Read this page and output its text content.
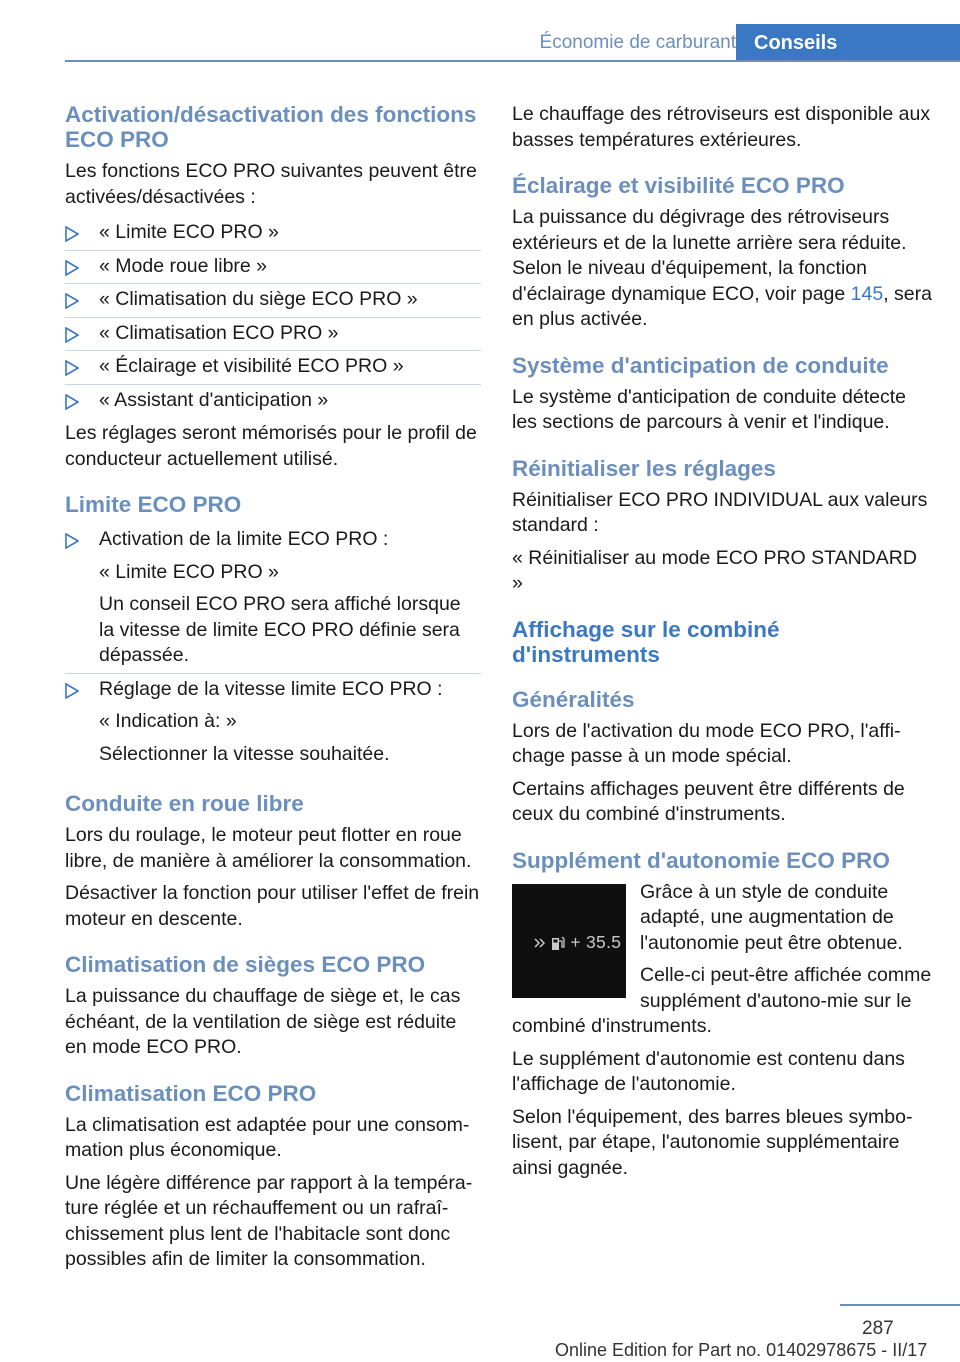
Économie de carburant Conseils
Activation/désactivation des fonctions ECO PRO

Les fonctions ECO PRO suivantes peuvent être activées/désactivées :

« Limite ECO PRO »
« Mode roue libre »
« Climatisation du siège ECO PRO »
« Climatisation ECO PRO »
« Éclairage et visibilité ECO PRO »
« Assistant d'anticipation »

Les réglages seront mémorisés pour le profil de conducteur actuellement utilisé.

Limite ECO PRO
Activation de la limite ECO PRO :
« Limite ECO PRO »
Un conseil ECO PRO sera affiché lorsque la vitesse de limite ECO PRO définie sera dépassée.
Réglage de la vitesse limite ECO PRO :
« Indication à: »
Sélectionner la vitesse souhaitée.
Conduite en roue libre

Lors du roulage, le moteur peut flotter en roue libre, de manière à améliorer la consommation.

Désactiver la fonction pour utiliser l'effet de frein moteur en descente.

Climatisation de sièges ECO PRO

La puissance du chauffage de siège et, le cas échéant, de la ventilation de siège est réduite en mode ECO PRO.

Climatisation ECO PRO

La climatisation est adaptée pour une consom-mation plus économique.

Une légère différence par rapport à la tempéra-ture réglée et un réchauffement ou un rafraî-chissement plus lent de l'habitacle sont donc possibles afin de limiter la consommation.

Le chauffage des rétroviseurs est disponible aux basses températures extérieures.

Éclairage et visibilité ECO PRO

La puissance du dégivrage des rétroviseurs extérieurs et de la lunette arrière sera réduite. Selon le niveau d'équipement, la fonction d'éclairage dynamique ECO, voir page 145, sera en plus activée.

Système d'anticipation de conduite

Le système d'anticipation de conduite détecte les sections de parcours à venir et l'indique.

Réinitialiser les réglages

Réinitialiser ECO PRO INDIVIDUAL aux valeurs standard :

« Réinitialiser au mode ECO PRO STANDARD »

Affichage sur le combiné d'instruments
Généralités

Lors de l'activation du mode ECO PRO, l'affi-chage passe à un mode spécial.

Certains affichages peuvent être différents de ceux du combiné d'instruments.

Supplément d'autonomie ECO PRO
+ 35.5

Grâce à un style de conduite adapté, une augmentation de l'autonomie peut être obtenue.

Celle-ci peut-être affichée comme supplément d'autono-mie sur le combiné d'instruments.

Le supplément d'autonomie est contenu dans l'affichage de l'autonomie.

Selon l'équipement, des barres bleues symbo-lisent, par étape, l'autonomie supplémentaire ainsi gagnée.

287
Online Edition for Part no. 01402978675 - II/17
